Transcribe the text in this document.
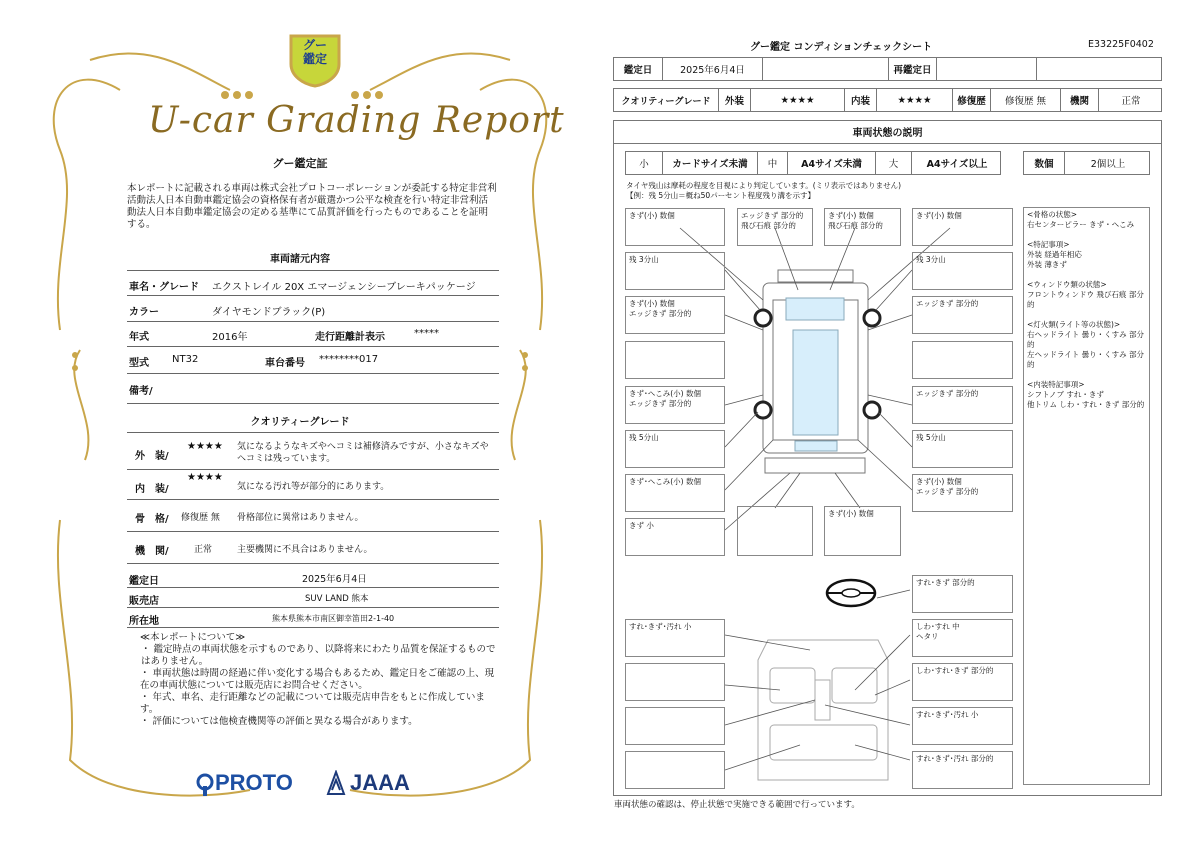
グー
鑑定
U-car Grading Report
グー鑑定証
本レポートに記載される車両は株式会社プロトコーポレーションが委託する特定非営利活動法人日本自動車鑑定協会の資格保有者が厳選かつ公平な検査を行い特定非営利活動法人日本自動車鑑定協会の定める基準にて品質評価を行ったものであることを証明する。
車両諸元内容
車名・グレード エクストレイル 20X エマージェンシーブレーキパッケージ
カラー	ダイヤモンドブラック(P)
年式	2016年	走行距離計表示	*****
型式 NT32	車台番号 ********017
備考/
クオリティーグレード
外　装/
★★★★ 気になるようなキズやヘコミは補修済みですが、小さなキズやヘコミは残っています。
内　装/
★★★★
気になる汚れ等が部分的にあります。
骨　格/ 修復歴 無 骨格部位に異常はありません。
機　関/	正常	主要機関に不具合はありません。
鑑定日	2025年6月4日
販売店	SUV LAND 熊本
所在地	熊本県熊本市南区御幸笛田2-1-40
≪本レポートについて≫
・ 鑑定時点の車両状態を示すものであり、以降将来にわたり品質を保証するものではありません。
・ 車両状態は時間の経過に伴い変化する場合もあるため、鑑定日をご確認の上、現在の車両状態については販売店にお問合せください。
・ 年式、車名、走行距離などの記載については販売店申告をもとに作成しています。
・ 評価については他検査機関等の評価と異なる場合があります。
PROTO	JAAA
グー鑑定 コンディションチェックシート	E33225F0402
鑑定日	2025年6月4日	再鑑定日
クオリティーグレード	外装	★★★★	内装	★★★★	修復歴	修復歴 無	機関	正常
車両状態の説明
小	カードサイズ未満	中	A4サイズ未満	大	A4サイズ以上	数個	2個以上
タイヤ残山は摩耗の程度を目視により判定しています。(ミリ表示ではありません)
【例：残 5分山＝概ね50パーセント程度残り溝を示す】
きず(小) 数個	エッジきず 部分的
飛び石痕 部分的
きず(小) 数個
飛び石痕 部分的
きず(小) 数個
残 3分山	残 3分山
きず(小) 数個
エッジきず 部分的
エッジきず 部分的
きず･へこみ(小) 数個
エッジきず 部分的
エッジきず 部分的
残 5分山	残 5分山
きず･へこみ(小) 数個	きず(小) 数個
エッジきず 部分的
きず 小
きず(小) 数個
すれ･きず 部分的
すれ･きず･汚れ 小	しわ･すれ 中
ヘタリ
しわ･すれ･きず 部分的
すれ･きず･汚れ 小
すれ･きず･汚れ 部分的
<骨格の状態>
右センターピラー きず・へこみ

<特記事項>
外装 経過年相応
外装 薄きず

<ウィンドウ類の状態>
フロントウィンドウ 飛び石痕 部分的

<灯火類(ライト等の状態)>
右ヘッドライト 曇り・くすみ 部分的
左ヘッドライト 曇り・くすみ 部分的

<内装特記事項>
シフトノブ すれ・きず
他トリム しわ・すれ・きず 部分的
車両状態の確認は、停止状態で実施できる範囲で行っています。
